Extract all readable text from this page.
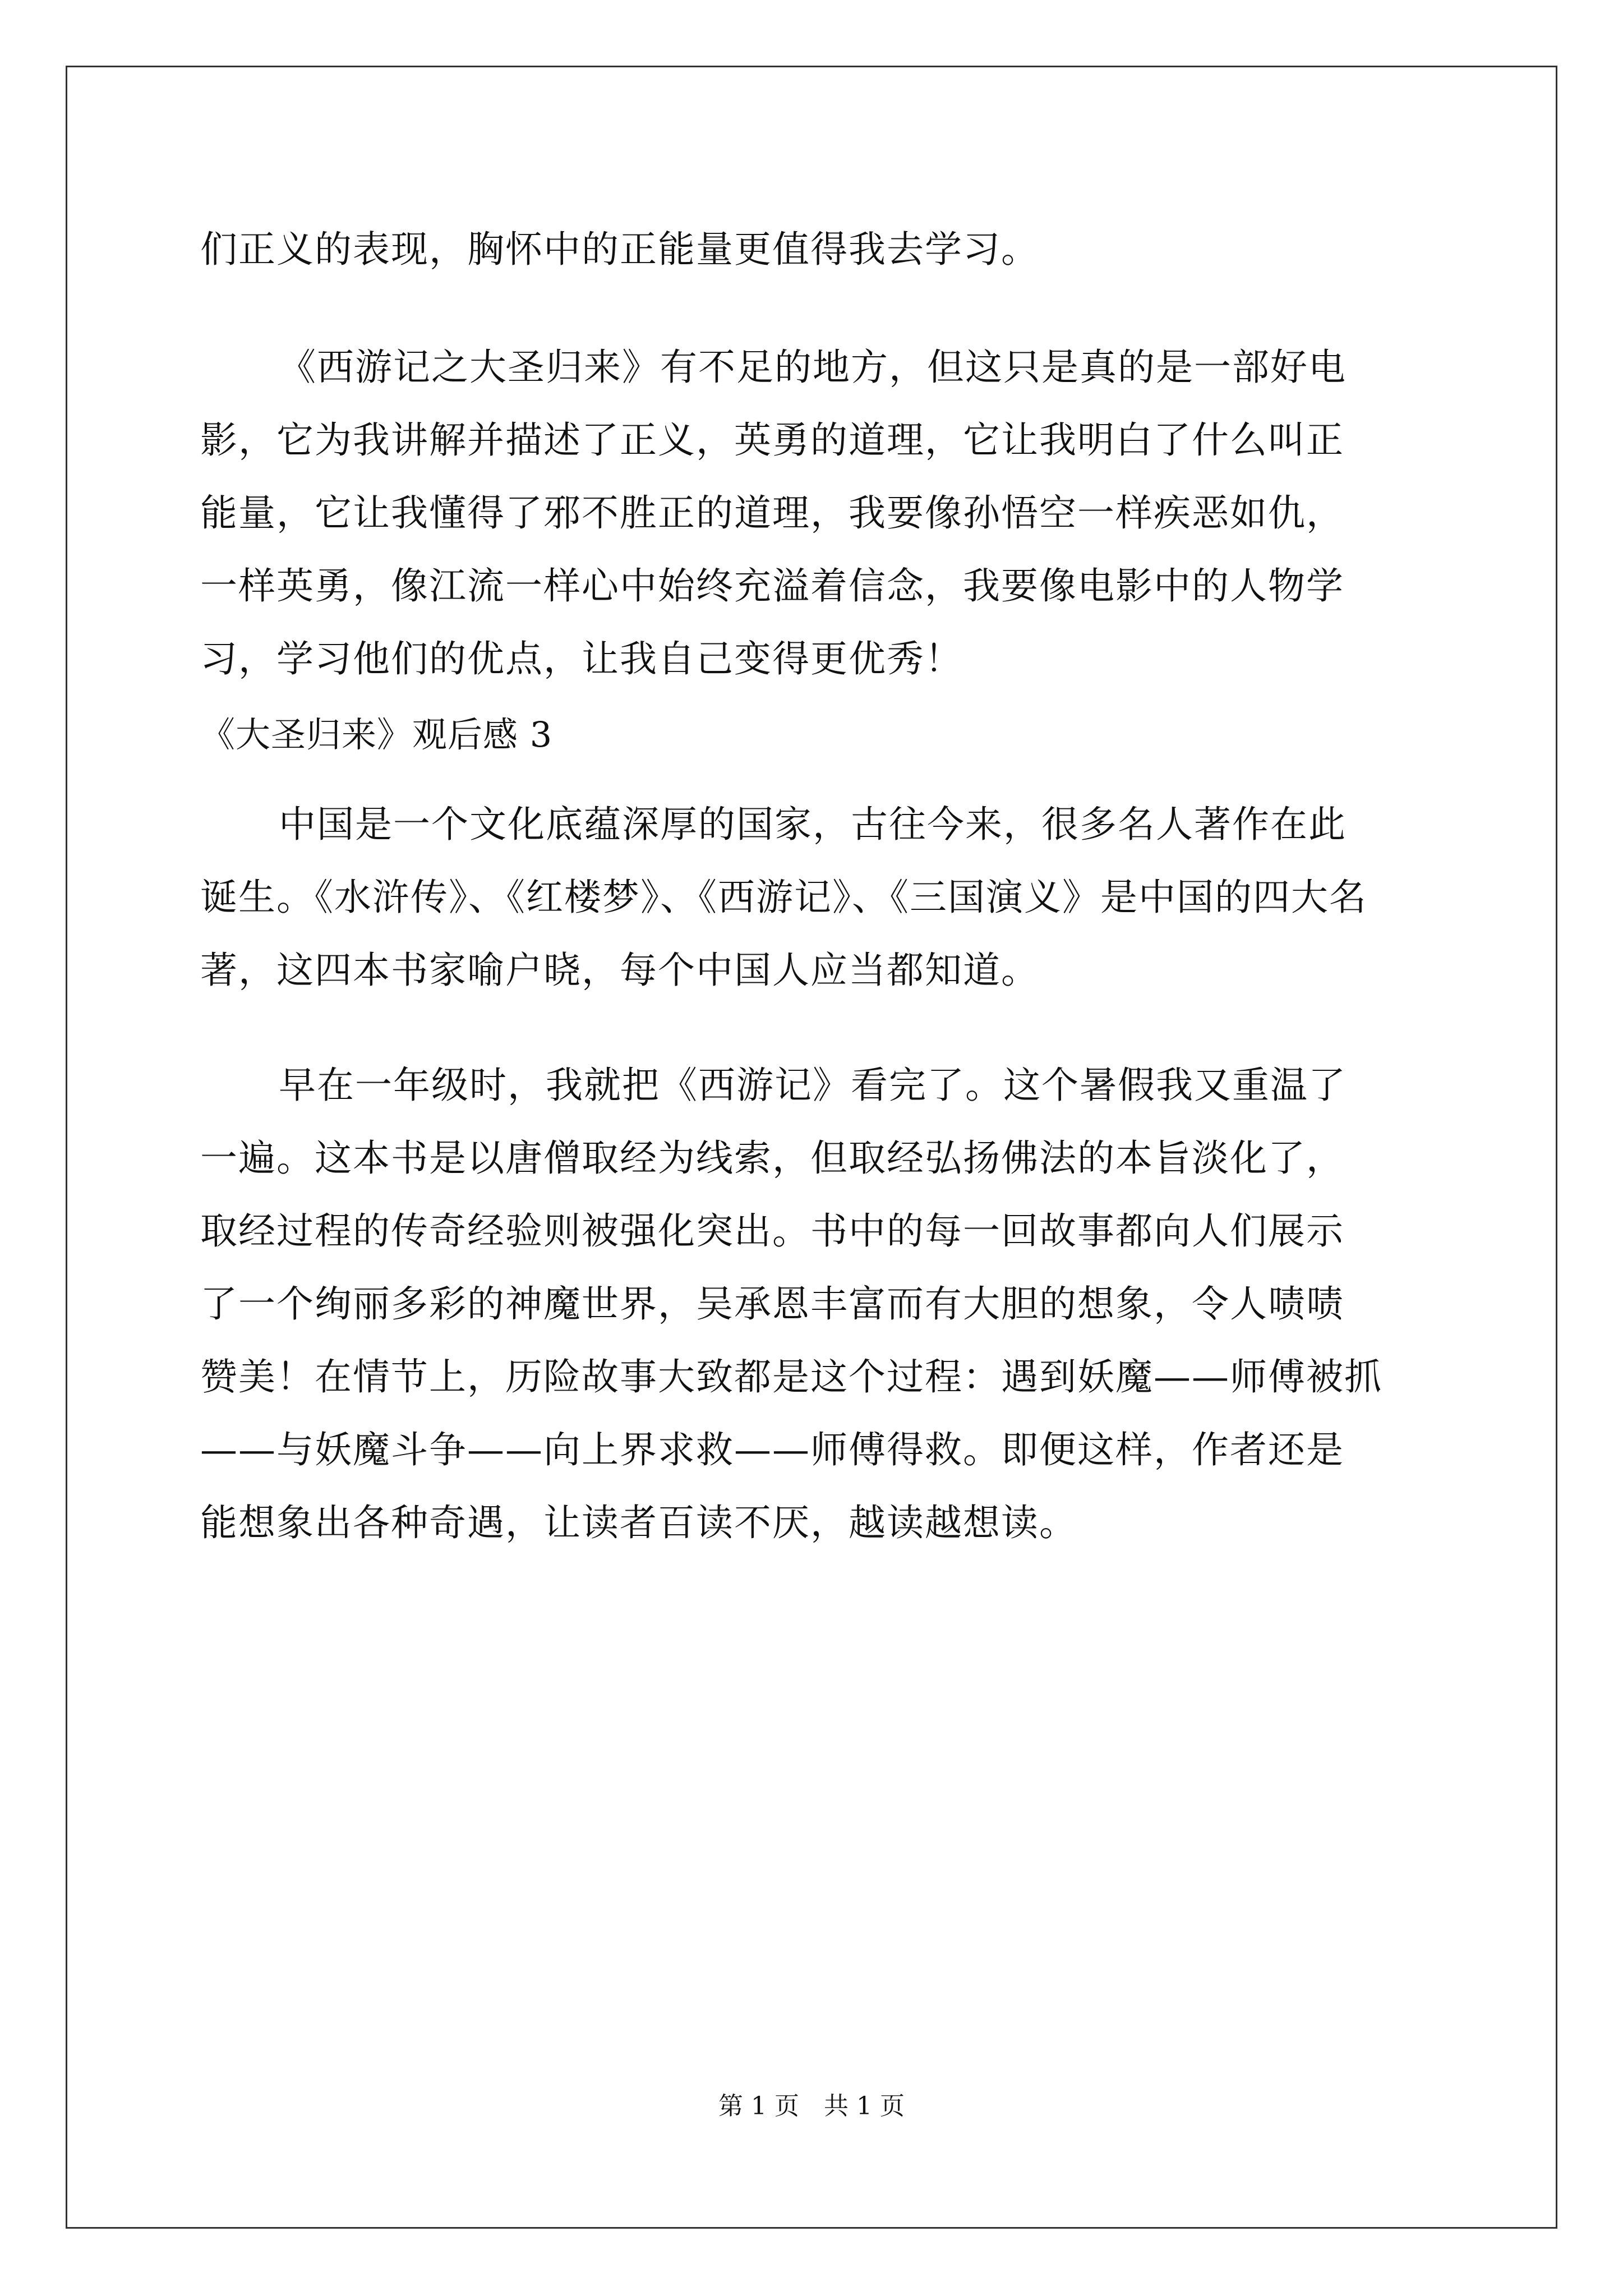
们正义的表现，胸怀中的正能量更值得我去学习。
《西游记之大圣归来》有不足的地方，但这只是真的是一部好电
影，它为我讲解并描述了正义，英勇的道理，它让我明白了什么叫正
能量，它让我懂得了邪不胜正的道理，我要像孙悟空一样疾恶如仇，
一样英勇，像江流一样心中始终充溢着信念，我要像电影中的人物学
习，学习他们的优点，让我自己变得更优秀！
《大圣归来》观后感 3
中国是一个文化底蕴深厚的国家，古往今来，很多名人著作在此
诞生。《水浒传》、《红楼梦》、《西游记》、《三国演义》是中国的四大名
著，这四本书家喻户晓，每个中国人应当都知道。
早在一年级时，我就把《西游记》看完了。这个暑假我又重温了
一遍。这本书是以唐僧取经为线索，但取经弘扬佛法的本旨淡化了，
取经过程的传奇经验则被强化突出。书中的每一回故事都向人们展示
了一个绚丽多彩的神魔世界，吴承恩丰富而有大胆的想象，令人啧啧
赞美！在情节上，历险故事大致都是这个过程：遇到妖魔——师傅被抓
——与妖魔斗争——向上界求救——师傅得救。即便这样，作者还是
能想象出各种奇遇，让读者百读不厌，越读越想读。
第 1 页　共 1 页
